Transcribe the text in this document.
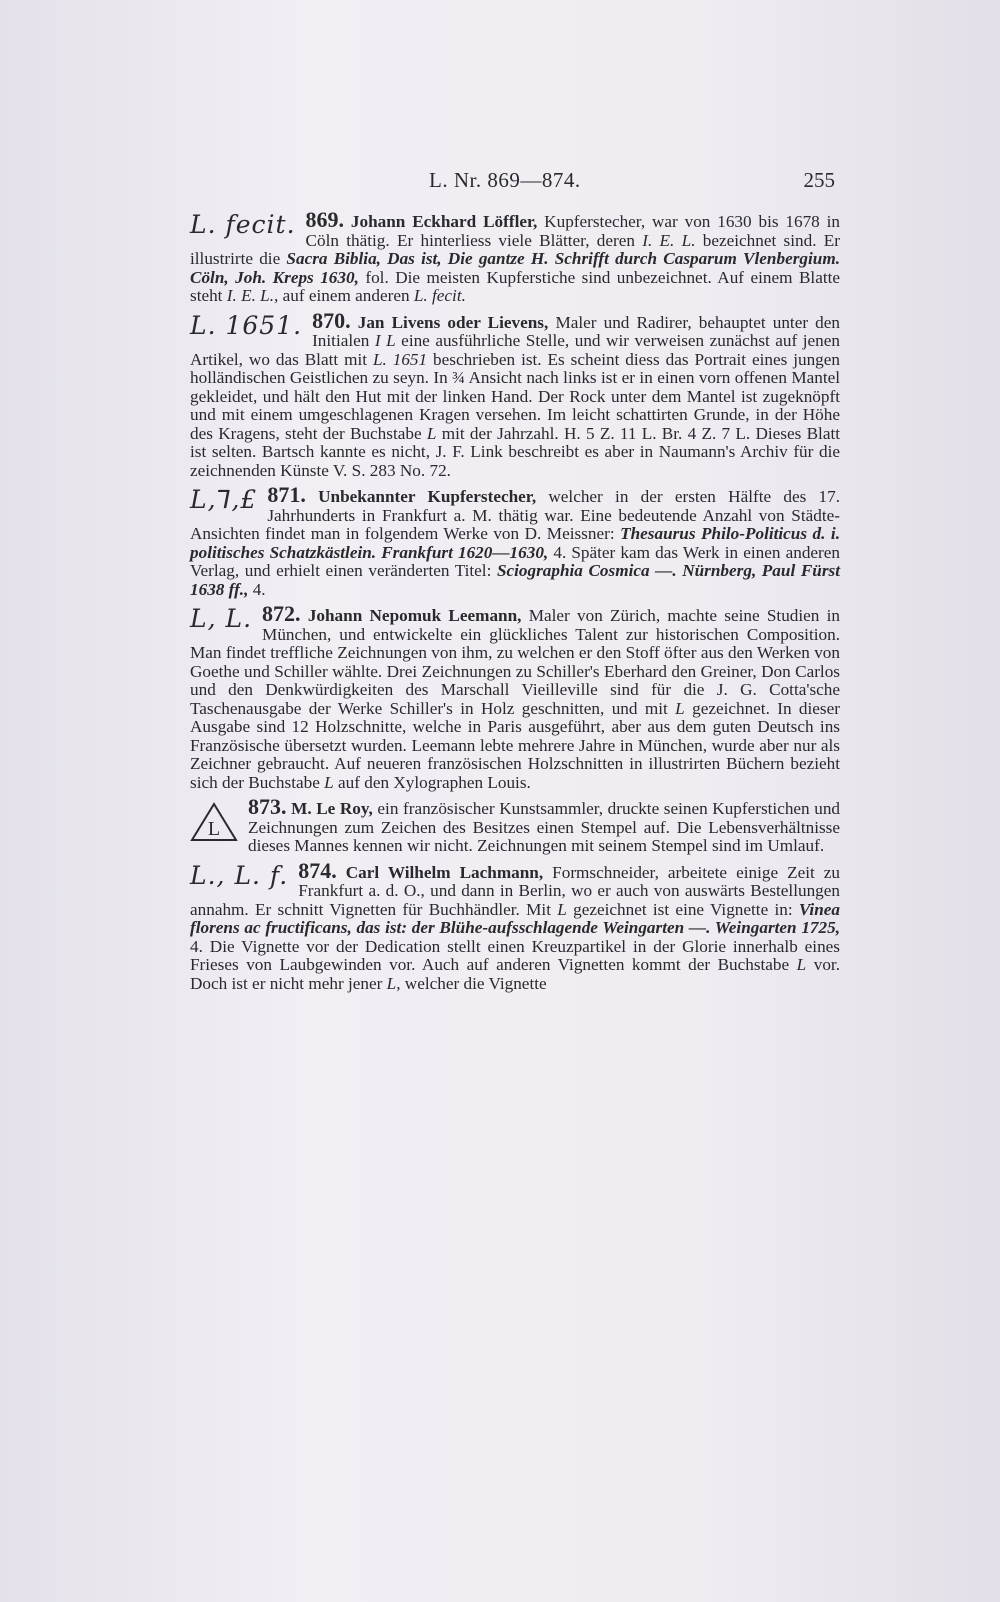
L. Nr. 869—874.	255
L. fecit. 869. Johann Eckhard Löffler, Kupferstecher, war von 1630 bis 1678 in Cöln thätig. Er hinterliess viele Blätter, deren I. E. L. bezeichnet sind. Er illustrirte die Sacra Biblia, Das ist, Die gantze H. Schrifft durch Casparum Vlenbergium. Cöln, Joh. Kreps 1630, fol. Die meisten Kupferstiche sind unbezeichnet. Auf einem Blatte steht I. E. L., auf einem anderen L. fecit.
L. 1651. 870. Jan Livens oder Lievens, Maler und Radirer, behauptet unter den Initialen I L eine ausführliche Stelle, und wir verweisen zunächst auf jenen Artikel, wo das Blatt mit L. 1651 beschrieben ist. Es scheint diess das Portrait eines jungen holländischen Geistlichen zu seyn. In ¾ Ansicht nach links ist er in einen vorn offenen Mantel gekleidet, und hält den Hut mit der linken Hand. Der Rock unter dem Mantel ist zugeknöpft und mit einem umgeschlagenen Kragen versehen. Im leicht schattirten Grunde, in der Höhe des Kragens, steht der Buchstabe L mit der Jahrzahl. H. 5 Z. 11 L. Br. 4 Z. 7 L. Dieses Blatt ist selten. Bartsch kannte es nicht, J. F. Link beschreibt es aber in Naumann's Archiv für die zeichnenden Künste V. S. 283 No. 72.
L,⅂,£ 871. Unbekannter Kupferstecher, welcher in der ersten Hälfte des 17. Jahrhunderts in Frankfurt a. M. thätig war. Eine bedeutende Anzahl von Städte-Ansichten findet man in folgendem Werke von D. Meissner: Thesaurus Philo-Politicus d. i. politisches Schatzkästlein. Frankfurt 1620—1630, 4. Später kam das Werk in einen anderen Verlag, und erhielt einen veränderten Titel: Sciographia Cosmica —. Nürnberg, Paul Fürst 1638 ff., 4.
L, L. 872. Johann Nepomuk Leemann, Maler von Zürich, machte seine Studien in München, und entwickelte ein glückliches Talent zur historischen Composition. Man findet treffliche Zeichnungen von ihm, zu welchen er den Stoff öfter aus den Werken von Goethe und Schiller wählte. Drei Zeichnungen zu Schiller's Eberhard den Greiner, Don Carlos und den Denkwürdigkeiten des Marschall Vieilleville sind für die J. G. Cotta'sche Taschenausgabe der Werke Schiller's in Holz geschnitten, und mit L gezeichnet. In dieser Ausgabe sind 12 Holzschnitte, welche in Paris ausgeführt, aber aus dem guten Deutsch ins Französische übersetzt wurden. Leemann lebte mehrere Jahre in München, wurde aber nur als Zeichner gebraucht. Auf neueren französischen Holzschnitten in illustrirten Büchern bezieht sich der Buchstabe L auf den Xylographen Louis.
L
873. M. Le Roy, ein französischer Kunstsammler, druckte seinen Kupferstichen und Zeichnungen zum Zeichen des Besitzes einen Stempel auf. Die Lebensverhältnisse dieses Mannes kennen wir nicht. Zeichnungen mit seinem Stempel sind im Umlauf.
L., L. f. 874. Carl Wilhelm Lachmann, Formschneider, arbeitete einige Zeit zu Frankfurt a. d. O., und dann in Berlin, wo er auch von auswärts Bestellungen annahm. Er schnitt Vignetten für Buchhändler. Mit L gezeichnet ist eine Vignette in: Vinea florens ac fructificans, das ist: der Blühe-aufsschlagende Weingarten —. Weingarten 1725, 4. Die Vignette vor der Dedication stellt einen Kreuzpartikel in der Glorie innerhalb eines Frieses von Laubgewinden vor. Auch auf anderen Vignetten kommt der Buchstabe L vor. Doch ist er nicht mehr jener L, welcher die Vignette
